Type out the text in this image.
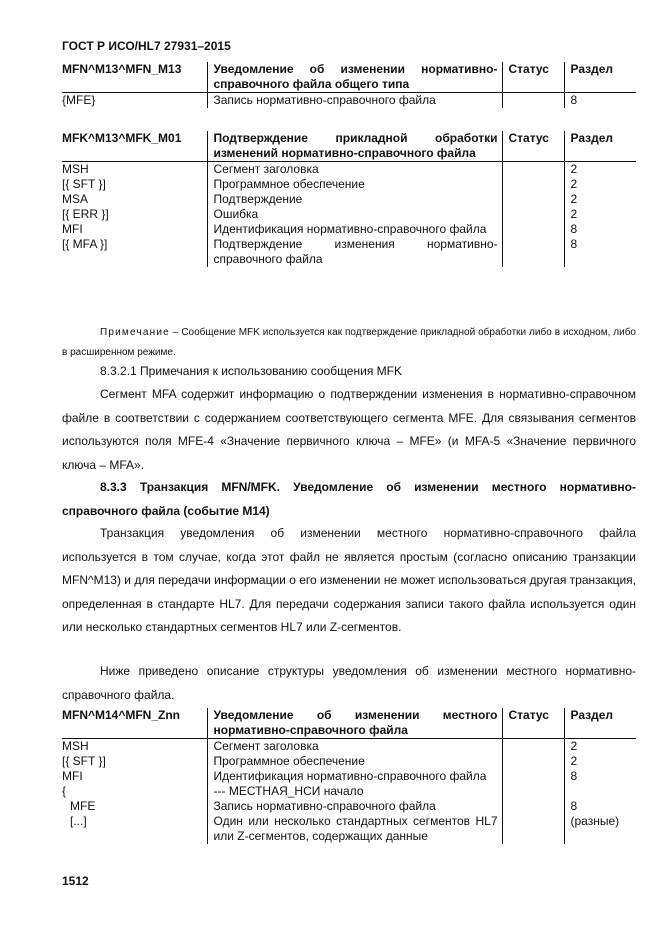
ГОСТ Р ИСО/HL7 27931–2015
MFN^M13^MFN_M13	Уведомление об изменении нормативно-справочного файла общего типа	Статус	Раздел
{MFE}	Запись нормативно-справочного файла		8
MFK^M13^MFK_M01	Подтверждение прикладной обработки изменений нормативно-справочного файла	Статус	Раздел
MSH	Сегмент заголовка		2
[{ SFT }]	Программное обеспечение		2
MSA	Подтверждение		2
[{ ERR }]	Ошибка		2
MFI	Идентификация нормативно-справочного файла		8
[{ MFA }]	Подтверждение изменения нормативно-справочного файла		8
Примечание – Сообщение MFK используется как подтверждение прикладной обработки либо в исходном, либо в расширенном режиме.

8.3.2.1 Примечания к использованию сообщения MFK

Сегмент MFA содержит информацию о подтверждении изменения в нормативно-справочном файле в соответствии с содержанием соответствующего сегмента MFE. Для связывания сегментов используются поля MFE-4 «Значение первичного ключа – MFE» (и MFA-5 «Значение первичного ключа – MFA».

8.3.3 Транзакция MFN/MFK. Уведомление об изменении местного нормативно-справочного файла (событие M14)

Транзакция уведомления об изменении местного нормативно-справочного файла используется в том случае, когда этот файл не является простым (согласно описанию транзакции MFN^M13) и для передачи информации о его изменении не может использоваться другая транзакция, определенная в стандарте HL7. Для передачи содержания записи такого файла используется один или несколько стандартных сегментов HL7 или Z-сегментов.

Ниже приведено описание структуры уведомления об изменении местного нормативно-справочного файла.

MFN^M14^MFN_Znn	Уведомление об изменении местного нормативно-справочного файла	Статус	Раздел
MSH	Сегмент заголовка		2
[{ SFT }]	Программное обеспечение		2
MFI	Идентификация нормативно-справочного файла		8
{	--- МЕСТНАЯ_НСИ начало		
MFE	Запись нормативно-справочного файла		8
[...]	Один или несколько стандартных сегментов HL7 или Z-сегментов, содержащих данные		(разные)
1512
